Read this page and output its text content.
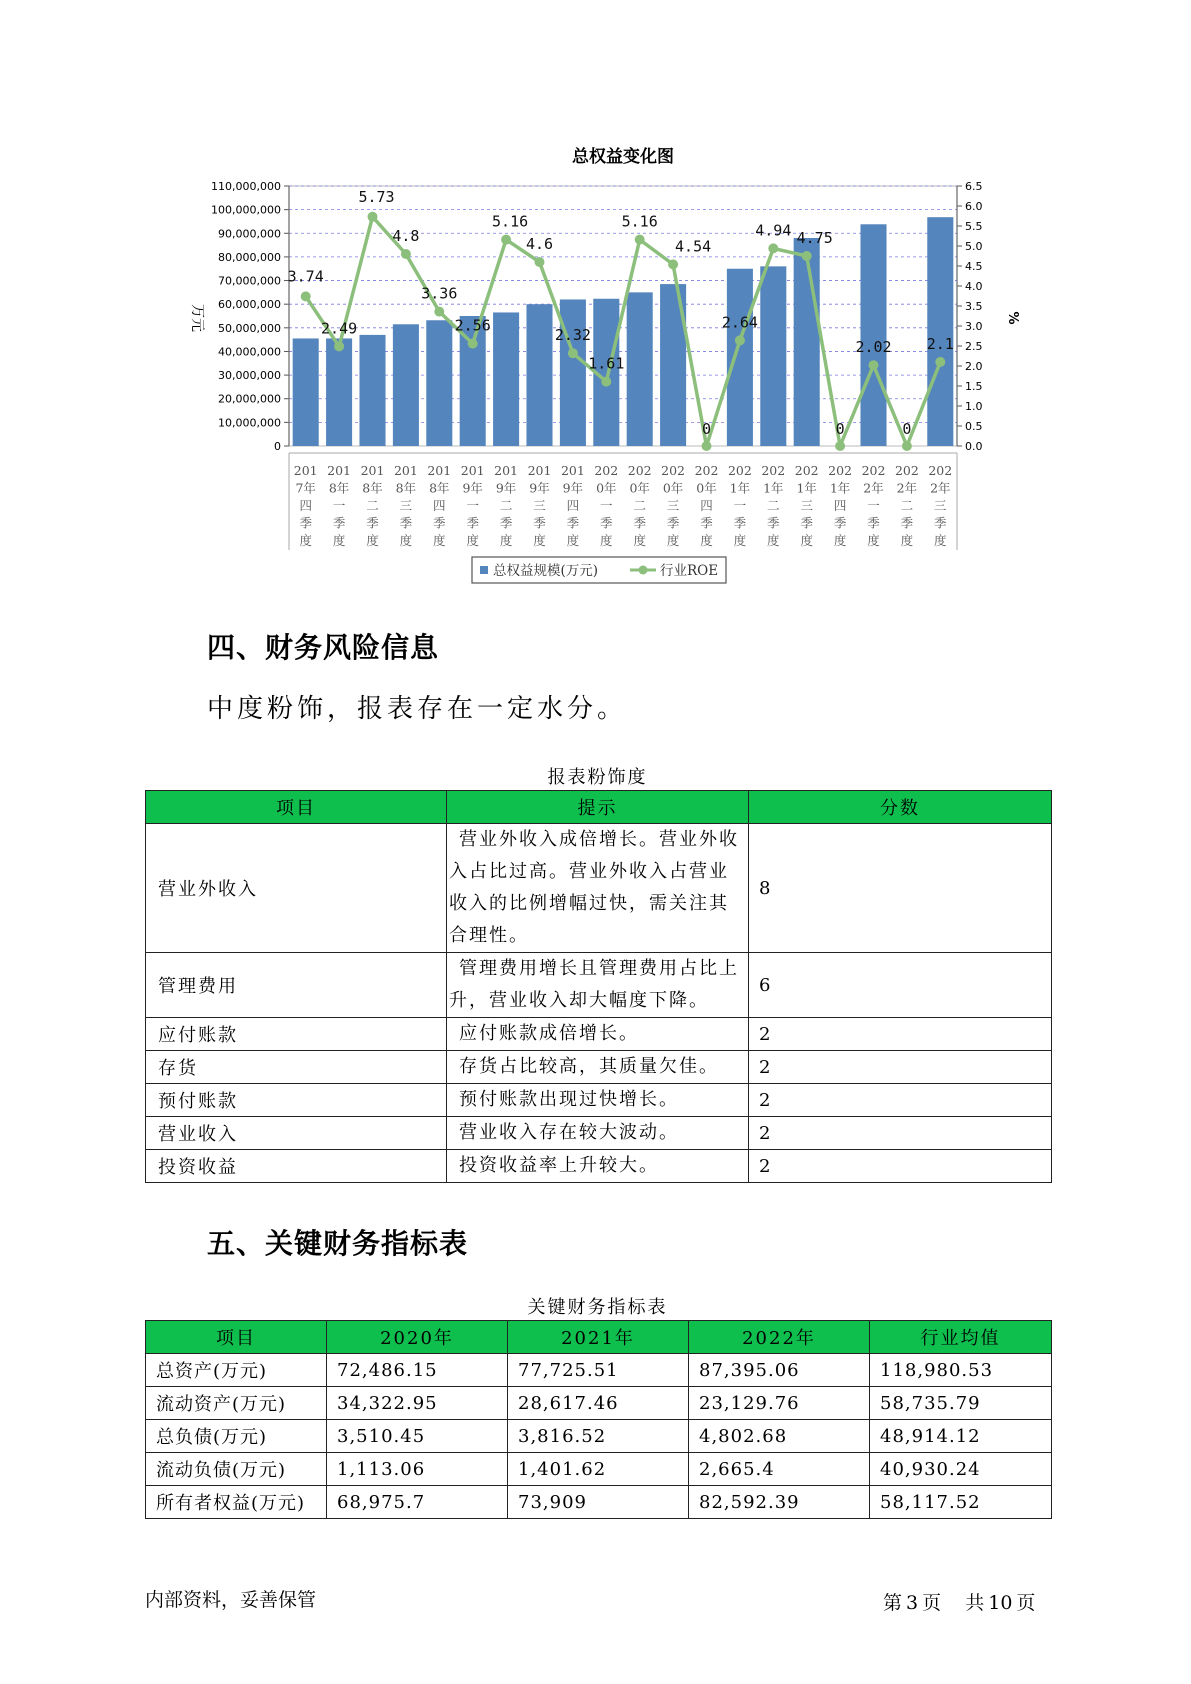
总权益变化图
110,000,000
100,000,000
90,000,000
80,000,000
70,000,000
60,000,000
50,000,000
40,000,000
30,000,000
20,000,000
10,000,000
0
6.5
6.0
5.5
5.0
4.5
4.0
3.5
3.0
2.5
2.0
1.5
1.0
0.5
0.0
万元	%
201 7年四季度
201 8年一季度
201 8年二季度
201 8年三季度
201 8年四季度
201 9年一季度
201 9年二季度
201 9年三季度
201 9年四季度
202 0年一季度
202 0年二季度
202 0年三季度
202 0年四季度
202 1年一季度
202 1年二季度
202 1年三季度
202 1年四季度
202 2年一季度
202 2年二季度
202 2年三季度
3.74
2.49
5.73
4.8
3.36
2.56
5.16
4.6
2.32
1.61
5.16
4.54
0
2.64
4.94 4.75
0
2.02
0
2.1
总权益规模(万元)	行业ROE
四、财务风险信息
中度粉饰，报表存在一定水分。
报表粉饰度
项目	提示	分数
营业外收入	营业外收入成倍增长。营业外收入占比过高。营业外收入占营业收入的比例增幅过快，需关注其合理性。	8
管理费用	管理费用增长且管理费用占比上升，营业收入却大幅度下降。	6
应付账款	应付账款成倍增长。	2
存货	存货占比较高，其质量欠佳。	2
预付账款	预付账款出现过快增长。	2
营业收入	营业收入存在较大波动。	2
投资收益	投资收益率上升较大。	2
五、关键财务指标表
关键财务指标表
项目	2020年	2021年	2022年	行业均值
总资产(万元)	72,486.15	77,725.51	87,395.06	118,980.53
流动资产(万元)	34,322.95	28,617.46	23,129.76	58,735.79
总负债(万元)	3,510.45	3,816.52	4,802.68	48,914.12
流动负债(万元)	1,113.06	1,401.62	2,665.4	40,930.24
所有者权益(万元)	68,975.7	73,909	82,592.39	58,117.52
内部资料，妥善保管	第 3 页 共 10 页
